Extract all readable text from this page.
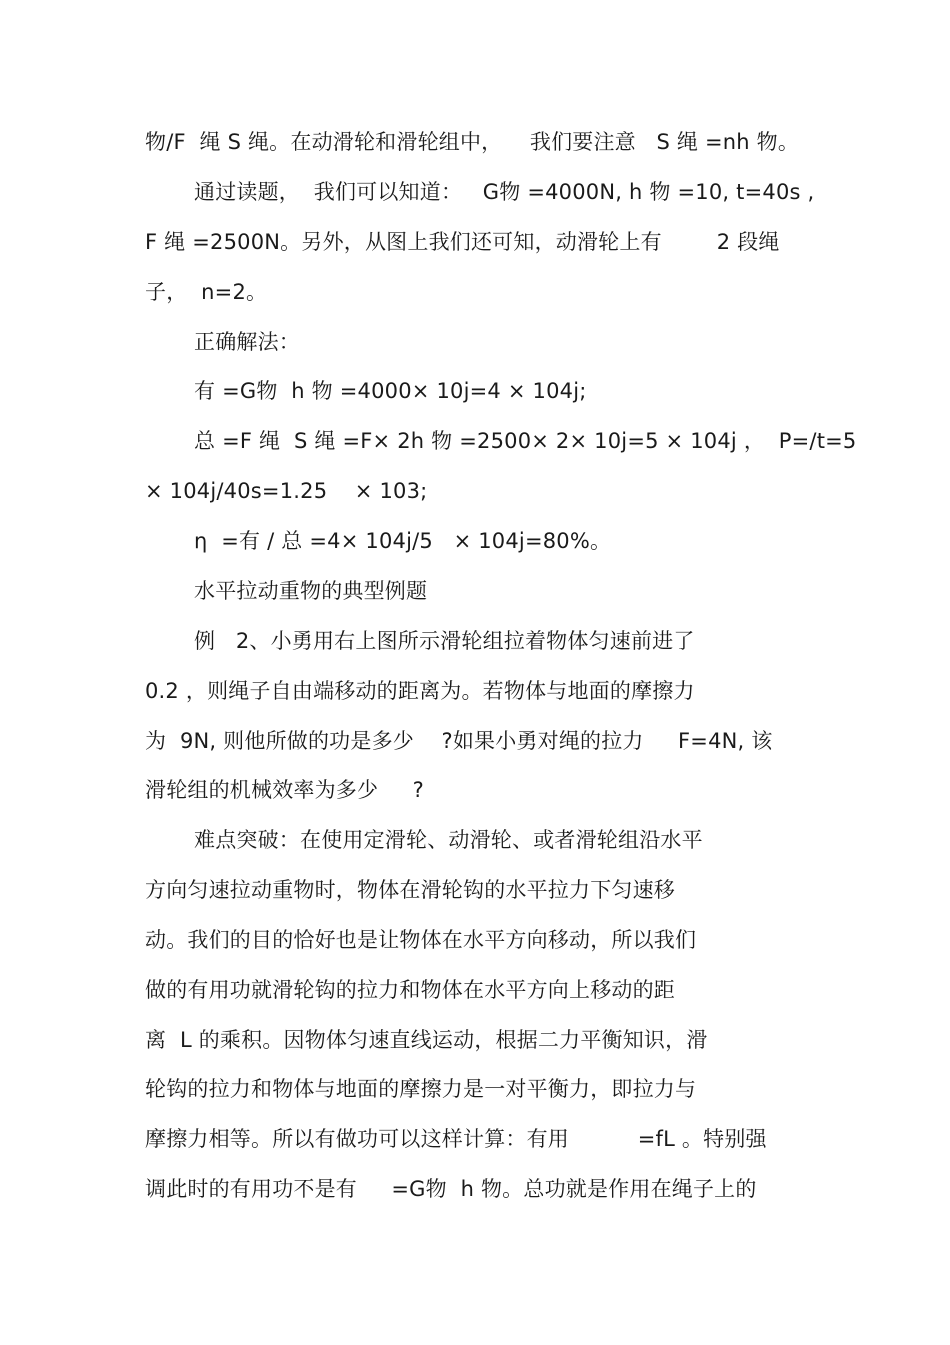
物/F  绳 S 绳。在动滑轮和滑轮组中，    我们要注意   S 绳 =nh 物。
通过读题，  我们可以知道：   G物 =4000N, h 物 =10, t=40s ,
F 绳 =2500N。另外，从图上我们还可知，动滑轮上有        2 段绳
子，  n=2。
正确解法：
有 =G物  h 物 =4000× 10j=4 × 104j;
总 =F 绳  S 绳 =F× 2h 物 =2500× 2× 10j=5 × 104j ，  P=/t=5
× 104j/40s=1.25    × 103;
η  =有 / 总 =4× 104j/5   × 104j=80%。
水平拉动重物的典型例题
例   2、小勇用右上图所示滑轮组拉着物体匀速前进了
0.2 ，则绳子自由端移动的距离为。若物体与地面的摩擦力
为  9N, 则他所做的功是多少    ?如果小勇对绳的拉力     F=4N, 该
滑轮组的机械效率为多少     ?
难点突破：在使用定滑轮、动滑轮、或者滑轮组沿水平
方向匀速拉动重物时，物体在滑轮钩的水平拉力下匀速移
动。我们的目的恰好也是让物体在水平方向移动，所以我们
做的有用功就滑轮钩的拉力和物体在水平方向上移动的距
离  L 的乘积。因物体匀速直线运动，根据二力平衡知识，滑
轮钩的拉力和物体与地面的摩擦力是一对平衡力，即拉力与
摩擦力相等。所以有做功可以这样计算：有用          =fL 。特别强
调此时的有用功不是有     =G物  h 物。总功就是作用在绳子上的
